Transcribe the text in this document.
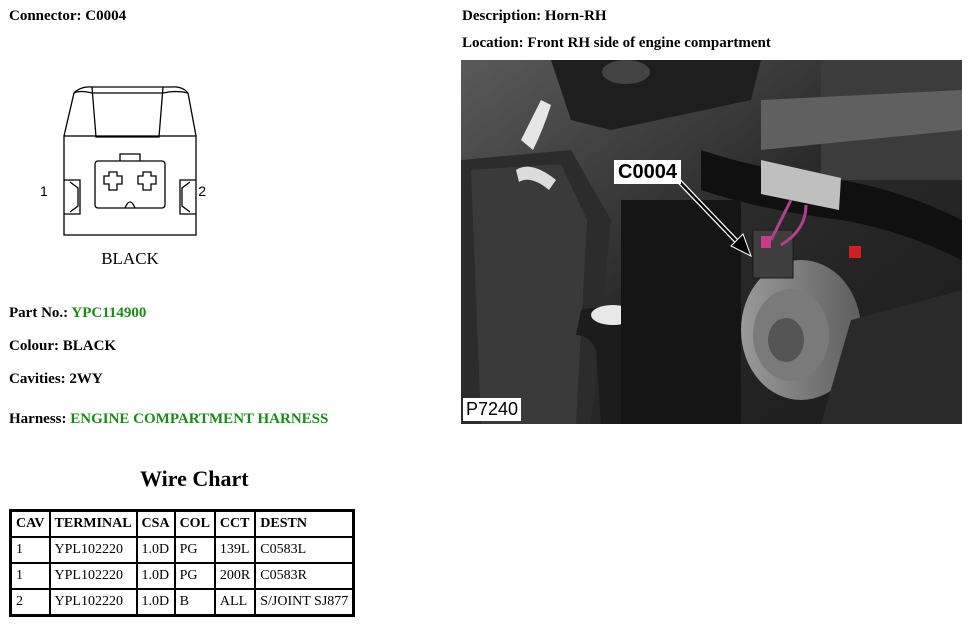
Connector: C0004	Description: Horn-RH
Location: Front RH side of engine compartment
1	2
BLACK
Part No.: YPC114900
Colour: BLACK
Cavities: 2WY
Harness: ENGINE COMPARTMENT HARNESS
Wire Chart
CAV	TERMINAL	CSA	COL	CCT	DESTN
1	YPL102220	1.0D	PG	139L	C0583L
1	YPL102220	1.0D	PG	200R	C0583R
2	YPL102220	1.0D	B	ALL	S/JOINT SJ877
C0004
P7240
